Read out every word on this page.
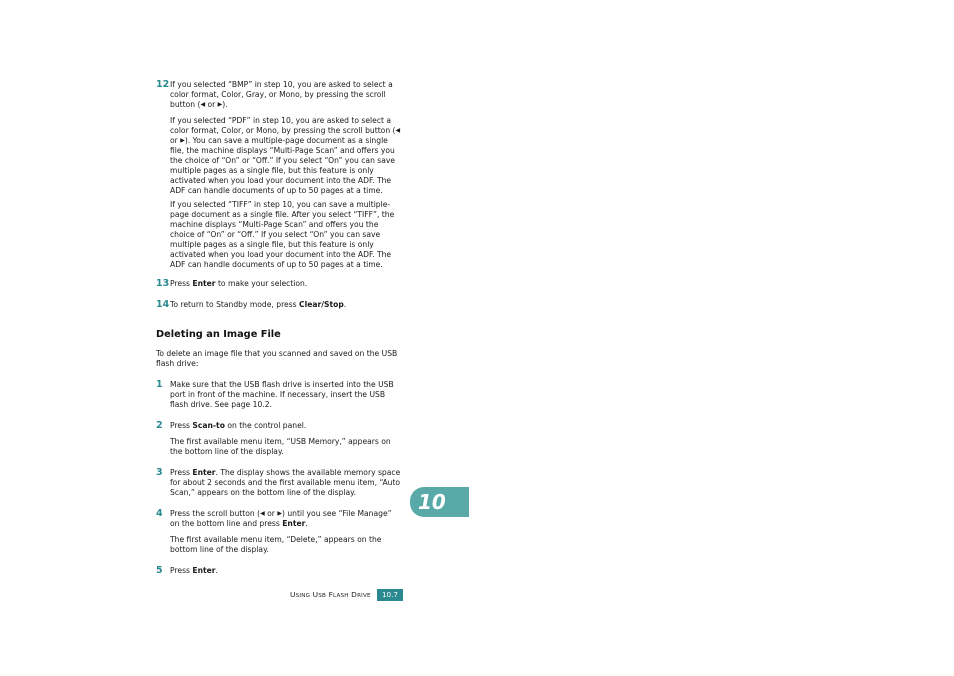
12 If you selected “BMP” in step 10, you are asked to select a color format, Color, Gray, or Mono, by pressing the scroll button (◀ or ▶).

If you selected “PDF” in step 10, you are asked to select a color format, Color, or Mono, by pressing the scroll button (◀ or ▶). You can save a multiple-page document as a single file, the machine displays “Multi-Page Scan” and offers you the choice of “On” or “Off.” If you select “On” you can save multiple pages as a single file, but this feature is only activated when you load your document into the ADF. The ADF can handle documents of up to 50 pages at a time.

If you selected “TIFF” in step 10, you can save a multiple-page document as a single file. After you select “TIFF”, the machine displays “Multi-Page Scan” and offers you the choice of “On” or “Off.” If you select “On” you can save multiple pages as a single file, but this feature is only activated when you load your document into the ADF. The ADF can handle documents of up to 50 pages at a time.

13 Press Enter to make your selection.

14 To return to Standby mode, press Clear/Stop.

Deleting an Image File

To delete an image file that you scanned and saved on the USB flash drive:

1 Make sure that the USB flash drive is inserted into the USB port in front of the machine. If necessary, insert the USB flash drive. See page 10.2.

2 Press Scan-to on the control panel.

The first available menu item, “USB Memory,” appears on the bottom line of the display.

3 Press Enter. The display shows the available memory space for about 2 seconds and the first available menu item, “Auto Scan,” appears on the bottom line of the display.

4 Press the scroll button (◀ or ▶) until you see “File Manage” on the bottom line and press Enter.

The first available menu item, “Delete,” appears on the bottom line of the display.

5 Press Enter.

10
USING USB FLASH DRIVE	10.7
